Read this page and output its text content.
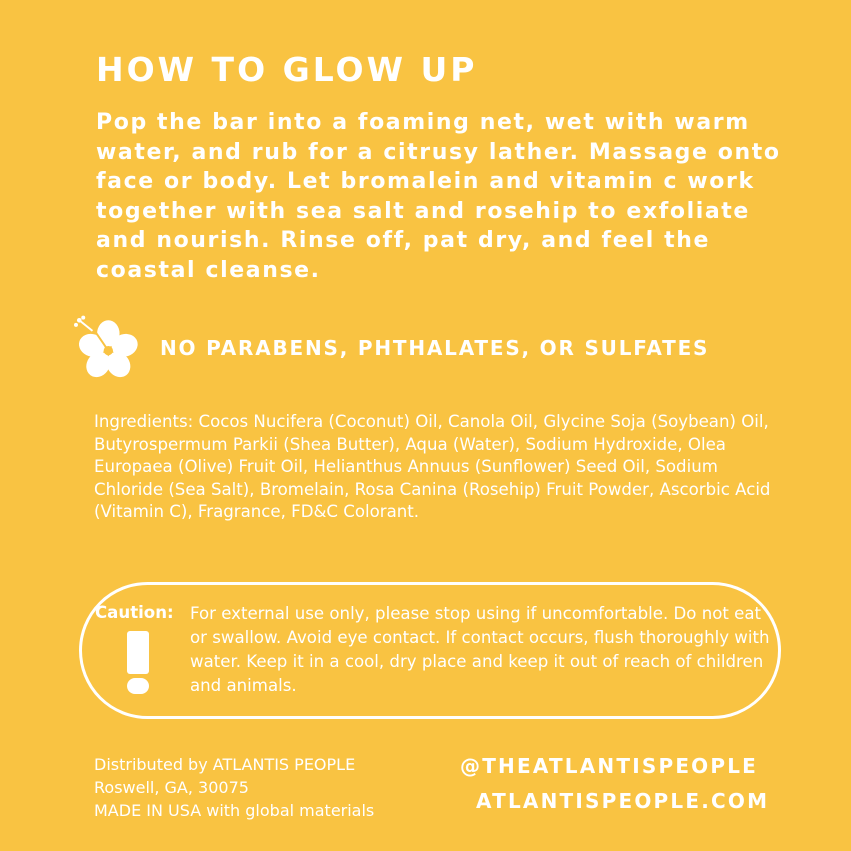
HOW TO GLOW UP

Pop the bar into a foaming net, wet with warm water, and rub for a citrusy lather. Massage onto face or body. Let bromalein and vitamin c work together with sea salt and rosehip to exfoliate and nourish. Rinse off, pat dry, and feel the coastal cleanse.

NO PARABENS, PHTHALATES, OR SULFATES

Ingredients: Cocos Nucifera (Coconut) Oil, Canola Oil, Glycine Soja (Soybean) Oil, Butyrospermum Parkii (Shea Butter), Aqua (Water), Sodium Hydroxide, Olea Europaea (Olive) Fruit Oil, Helianthus Annuus (Sunflower) Seed Oil, Sodium Chloride (Sea Salt), Bromelain, Rosa Canina (Rosehip) Fruit Powder, Ascorbic Acid (Vitamin C), Fragrance, FD&C Colorant.

Caution: For external use only, please stop using if uncomfortable. Do not eat or swallow. Avoid eye contact. If contact occurs, flush thoroughly with water. Keep it in a cool, dry place and keep it out of reach of children and animals.

Distributed by ATLANTIS PEOPLE
Roswell, GA, 30075
MADE IN USA with global materials
@THEATLANTISPEOPLE
ATLANTISPEOPLE.COM
